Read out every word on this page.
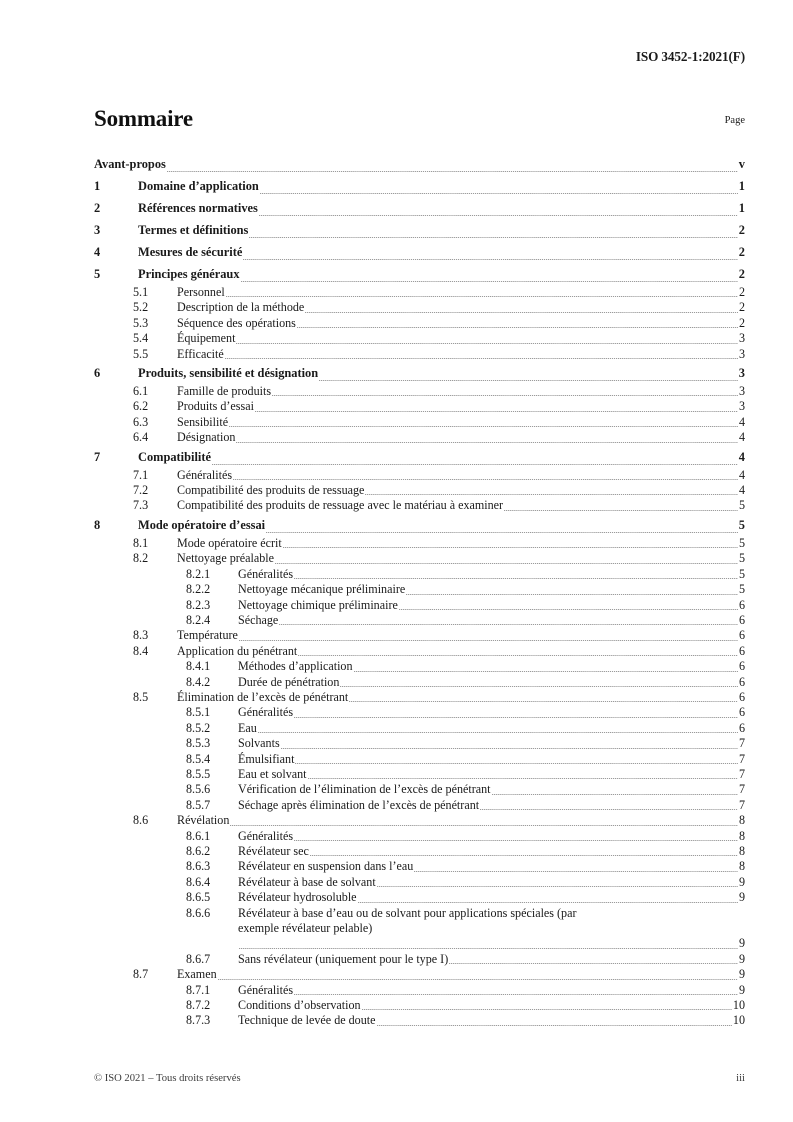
ISO 3452-1:2021(F)
Sommaire	Page
Avant-propos	v
1	Domaine d’application	1
2	Références normatives	1
3	Termes et définitions	2
4	Mesures de sécurité	2
5	Principes généraux	2
5.1	Personnel	2
5.2	Description de la méthode	2
5.3	Séquence des opérations	2
5.4	Équipement	3
5.5	Efficacité	3
6	Produits, sensibilité et désignation	3
6.1	Famille de produits	3
6.2	Produits d’essai	3
6.3	Sensibilité	4
6.4	Désignation	4
7	Compatibilité	4
7.1	Généralités	4
7.2	Compatibilité des produits de ressuage	4
7.3	Compatibilité des produits de ressuage avec le matériau à examiner	5
8	Mode opératoire d’essai	5
8.1	Mode opératoire écrit	5
8.2	Nettoyage préalable	5
8.2.1	Généralités	5
8.2.2	Nettoyage mécanique préliminaire	5
8.2.3	Nettoyage chimique préliminaire	6
8.2.4	Séchage	6
8.3	Température	6
8.4	Application du pénétrant	6
8.4.1	Méthodes d’application	6
8.4.2	Durée de pénétration	6
8.5	Élimination de l’excès de pénétrant	6
8.5.1	Généralités	6
8.5.2	Eau	6
8.5.3	Solvants	7
8.5.4	Émulsifiant	7
8.5.5	Eau et solvant	7
8.5.6	Vérification de l’élimination de l’excès de pénétrant	7
8.5.7	Séchage après élimination de l’excès de pénétrant	7
8.6	Révélation	8
8.6.1	Généralités	8
8.6.2	Révélateur sec	8
8.6.3	Révélateur en suspension dans l’eau	8
8.6.4	Révélateur à base de solvant	9
8.6.5	Révélateur hydrosoluble	9
8.6.6	Révélateur à base d’eau ou de solvant pour applications spéciales (par
exemple révélateur pelable)
9
8.6.7	Sans révélateur (uniquement pour le type I)	9
8.7	Examen	9
8.7.1	Généralités	9
8.7.2	Conditions d’observation	10
8.7.3	Technique de levée de doute	10
© ISO 2021 – Tous droits réservés	iii
